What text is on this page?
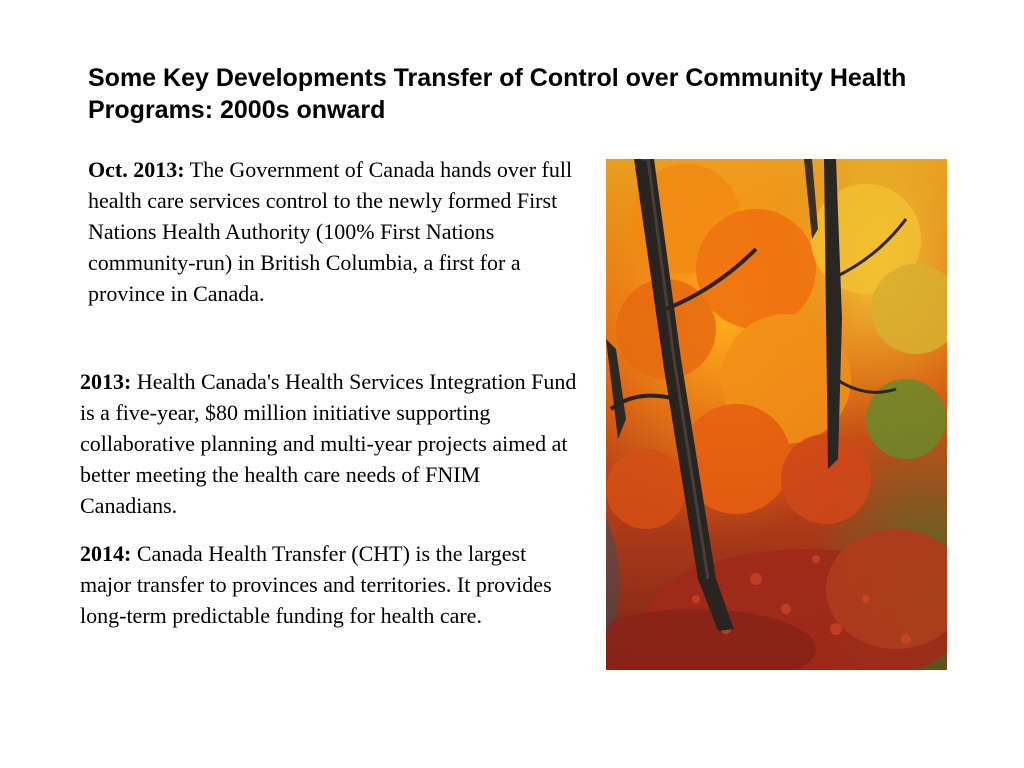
Some Key Developments Transfer of Control over Community Health Programs: 2000s onward

Oct. 2013: The Government of Canada hands over full health care services control to the newly formed First Nations Health Authority (100% First Nations community-run) in British Columbia, a first for a province in Canada.

2013: Health Canada's Health Services Integration Fund is a five-year, $80 million initiative supporting collaborative planning and multi-year projects aimed at better meeting the health care needs of FNIM Canadians.

2014: Canada Health Transfer (CHT) is the largest major transfer to provinces and territories. It provides long-term predictable funding for health care.
